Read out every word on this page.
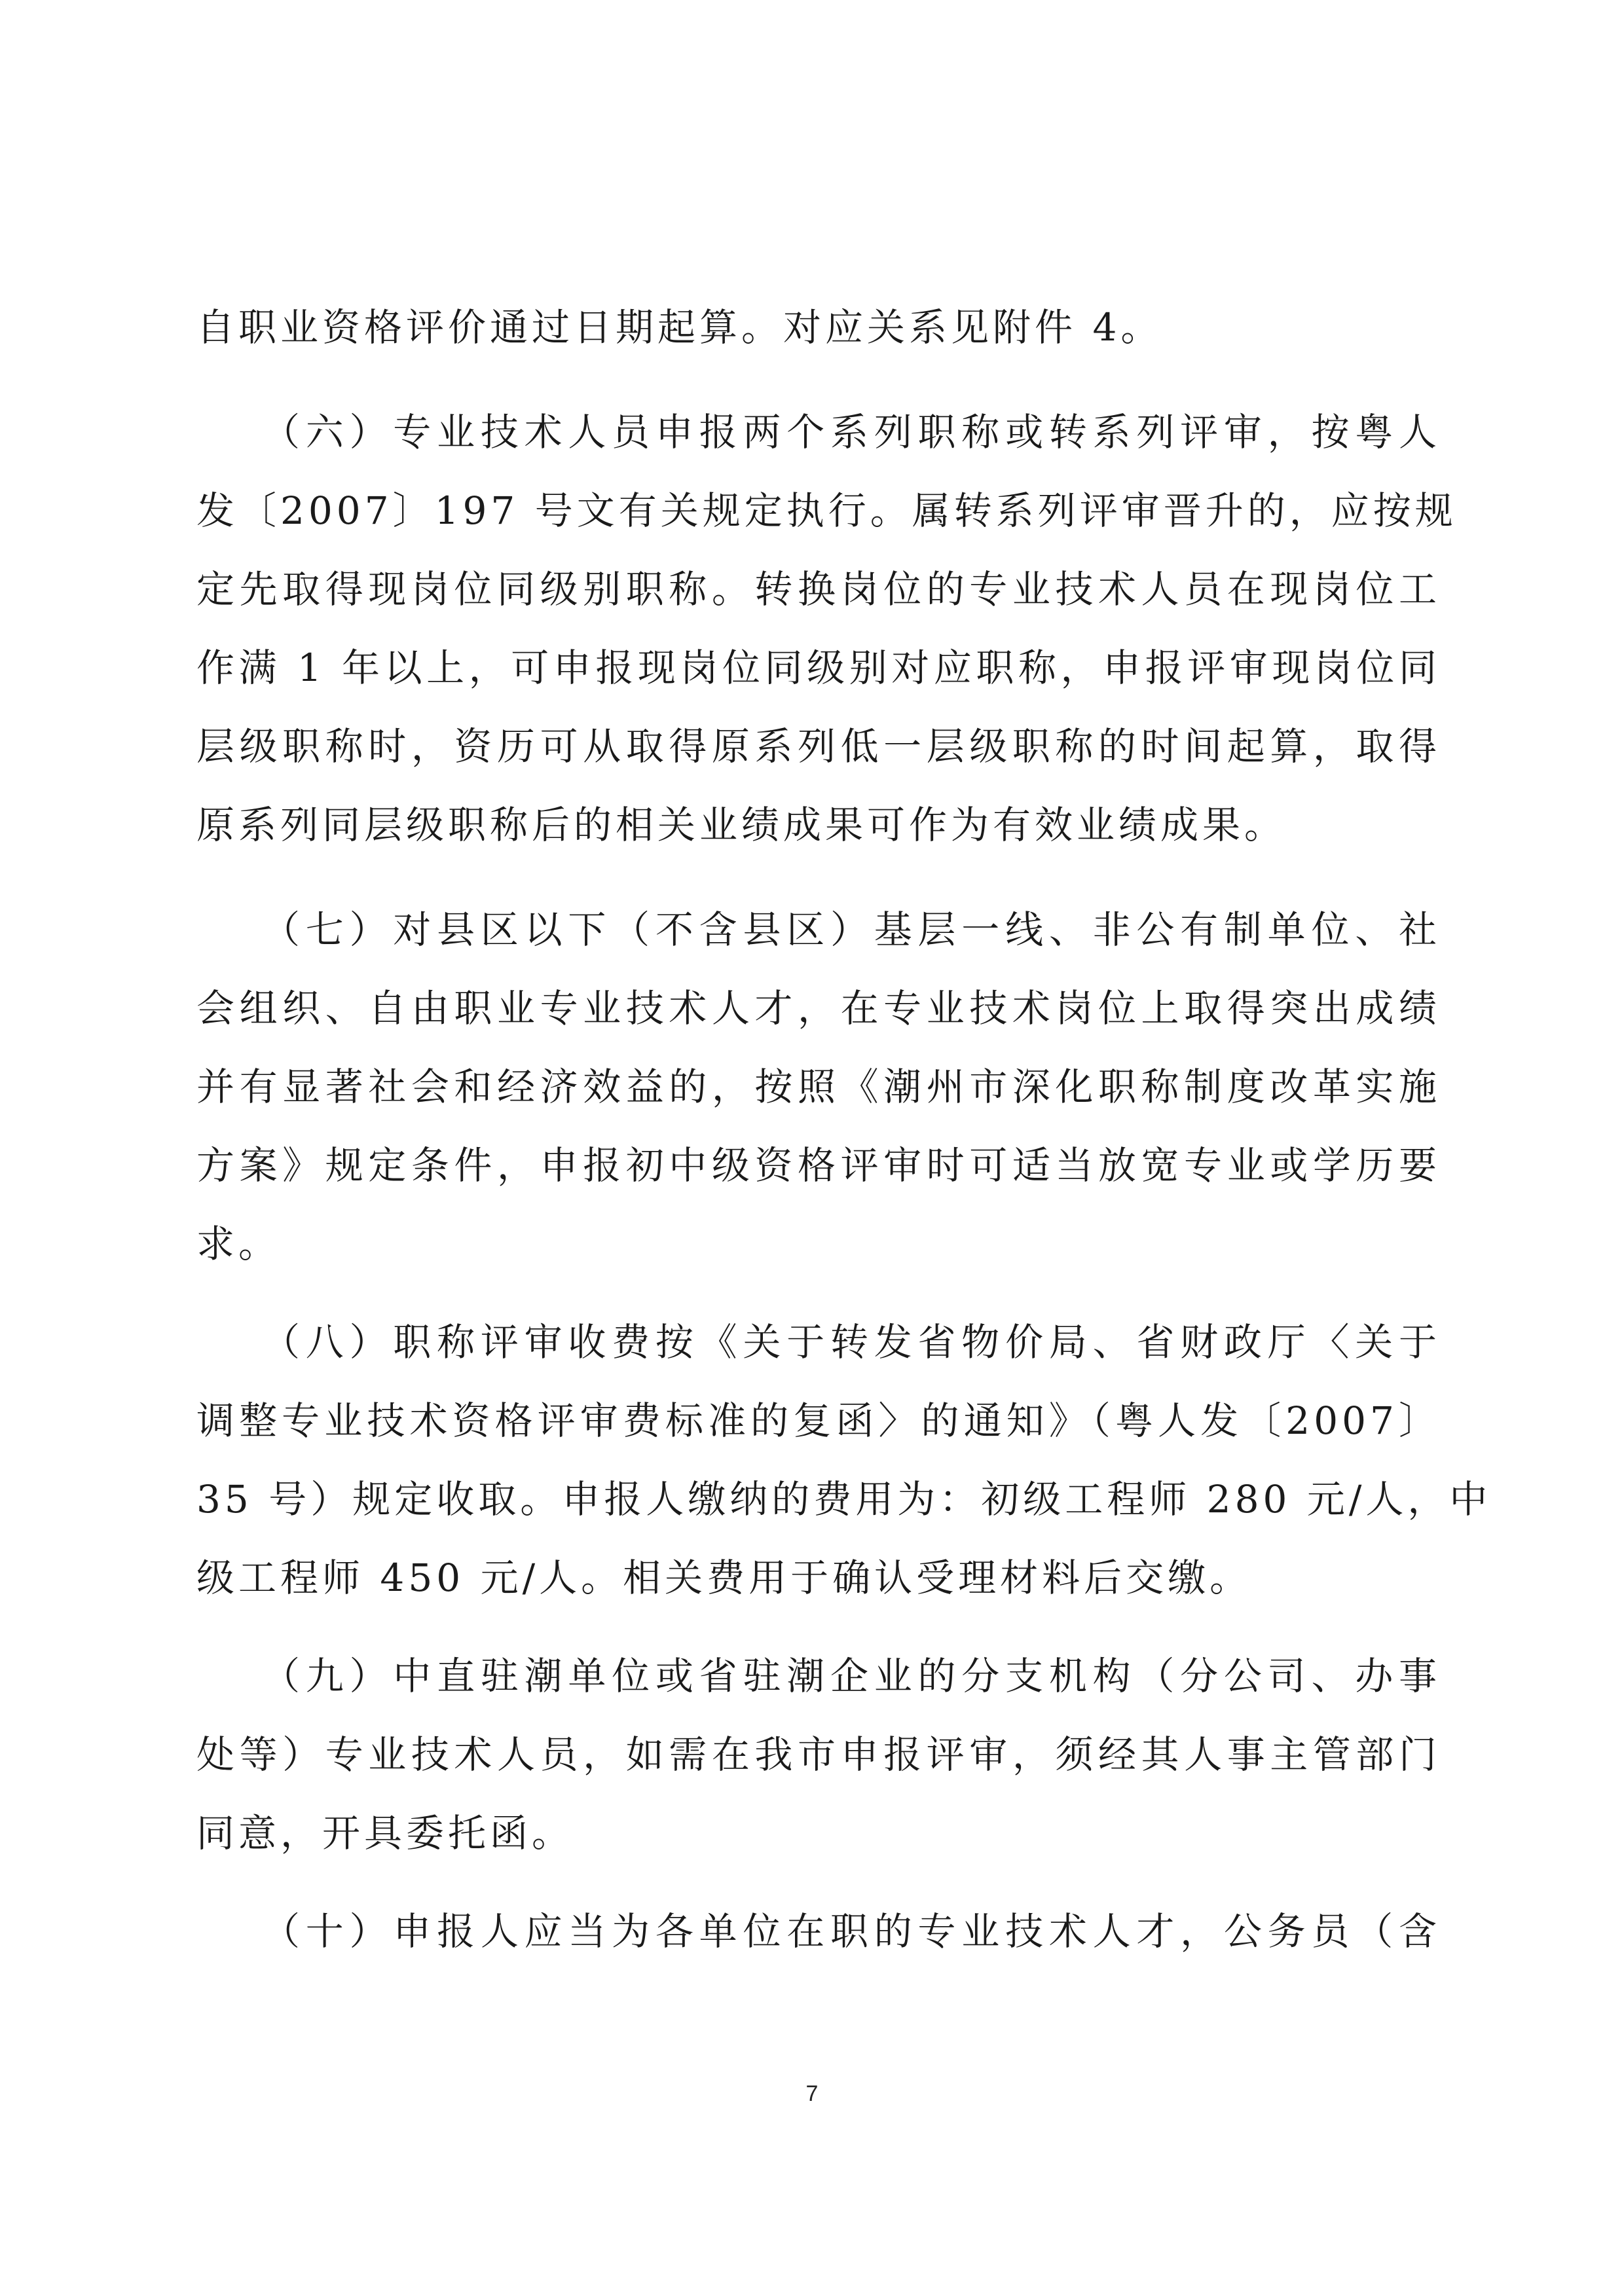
自职业资格评价通过日期起算。对应关系见附件 4。
（六）专业技术人员申报两个系列职称或转系列评审，按粤人
发〔2007〕197 号文有关规定执行。属转系列评审晋升的，应按规
定先取得现岗位同级别职称。转换岗位的专业技术人员在现岗位工
作满 1 年以上，可申报现岗位同级别对应职称，申报评审现岗位同
层级职称时，资历可从取得原系列低一层级职称的时间起算，取得
原系列同层级职称后的相关业绩成果可作为有效业绩成果。
（七）对县区以下（不含县区）基层一线、非公有制单位、社
会组织、自由职业专业技术人才，在专业技术岗位上取得突出成绩
并有显著社会和经济效益的，按照《潮州市深化职称制度改革实施
方案》规定条件，申报初中级资格评审时可适当放宽专业或学历要
求。
（八）职称评审收费按《关于转发省物价局、省财政厅〈关于
调整专业技术资格评审费标准的复函〉的通知》（粤人发〔2007〕
35 号）规定收取。申报人缴纳的费用为：初级工程师 280 元/人，中
级工程师 450 元/人。相关费用于确认受理材料后交缴。
（九）中直驻潮单位或省驻潮企业的分支机构（分公司、办事
处等）专业技术人员，如需在我市申报评审，须经其人事主管部门
同意，开具委托函。
（十）申报人应当为各单位在职的专业技术人才，公务员（含
7
